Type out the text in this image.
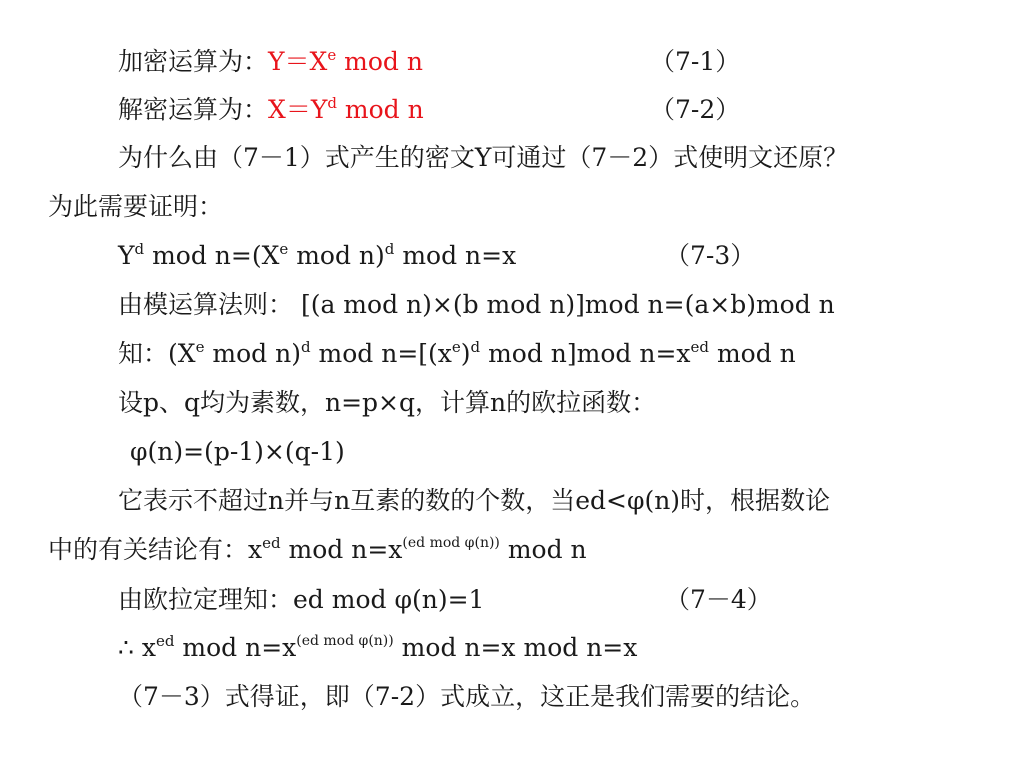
加密运算为：$Y=X^e$ mod n	（7-1）
解密运算为：$X=Y^d$ mod n	（7-2）
为什么由（7－1）式产生的密文Y可通过（7－2）式使明文还原？
为此需要证明：
$Y^d$ mod $n=(X^e$ mod n)$^d$ mod n=x	（7-3）
由模运算法则： [(a mod n)×(b mod n)]mod n=(a×b)mod n
知：(Xe mod n)$^d$ mod $n=[(x^e)^d$ mod n]mod $n=x^{ed}$ mod n
设p、q均为素数，n=p×q，计算n的欧拉函数：
φ(n)=(p-1)×(q-1)
它表示不超过n并与n互素的数的个数，当ed<φ(n)时，根据数论
中的有关结论有：$x^{ed}$ mod $n=x^{(ed mod \varphi(n))}$ mod n
由欧拉定理知：ed mod φ(n)=1	（7－4）
∴ $x^{ed}$ mod $n=x^{(ed mod \varphi(n))}$ mod n=x mod n=x
（7－3）式得证，即（7-2）式成立，这正是我们需要的结论。
